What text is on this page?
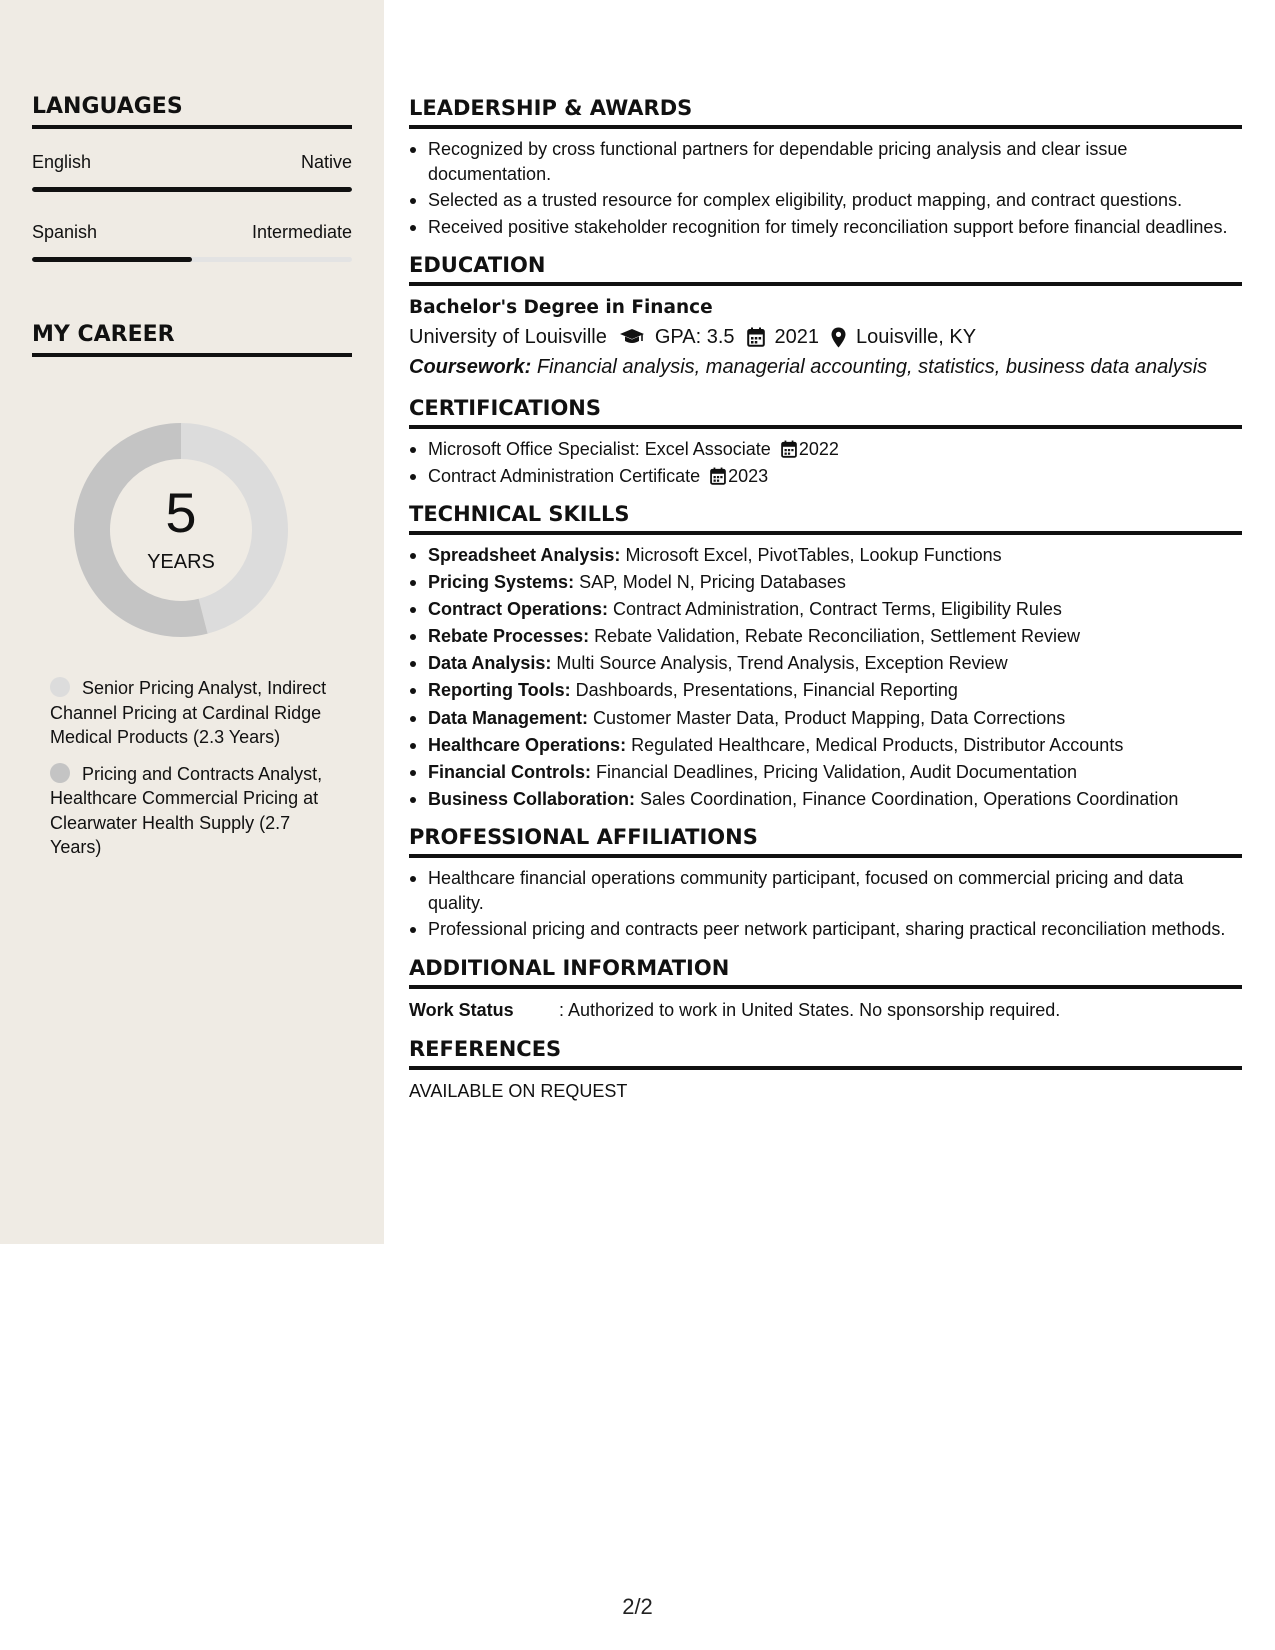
LANGUAGES
English	Native
Spanish	Intermediate
MY CAREER
5
YEARS
Senior Pricing Analyst, Indirect Channel Pricing at Cardinal Ridge Medical Products (2.3 Years)
Pricing and Contracts Analyst, Healthcare Commercial Pricing at Clearwater Health Supply (2.7 Years)
LEADERSHIP & AWARDS
Recognized by cross functional partners for dependable pricing analysis and clear issue documentation.
Selected as a trusted resource for complex eligibility, product mapping, and contract questions.
Received positive stakeholder recognition for timely reconciliation support before financial deadlines.
EDUCATION
Bachelor's Degree in Finance
University of Louisville GPA: 3.5 2021 Louisville, KY
Coursework: Financial analysis, managerial accounting, statistics, business data analysis
CERTIFICATIONS
Microsoft Office Specialist: Excel Associate 2022
Contract Administration Certificate 2023
TECHNICAL SKILLS
Spreadsheet Analysis: Microsoft Excel, PivotTables, Lookup Functions
Pricing Systems: SAP, Model N, Pricing Databases
Contract Operations: Contract Administration, Contract Terms, Eligibility Rules
Rebate Processes: Rebate Validation, Rebate Reconciliation, Settlement Review
Data Analysis: Multi Source Analysis, Trend Analysis, Exception Review
Reporting Tools: Dashboards, Presentations, Financial Reporting
Data Management: Customer Master Data, Product Mapping, Data Corrections
Healthcare Operations: Regulated Healthcare, Medical Products, Distributor Accounts
Financial Controls: Financial Deadlines, Pricing Validation, Audit Documentation
Business Collaboration: Sales Coordination, Finance Coordination, Operations Coordination
PROFESSIONAL AFFILIATIONS
Healthcare financial operations community participant, focused on commercial pricing and data quality.
Professional pricing and contracts peer network participant, sharing practical reconciliation methods.
ADDITIONAL INFORMATION
Work Status	: Authorized to work in United States. No sponsorship required.
REFERENCES
AVAILABLE ON REQUEST
2/2
